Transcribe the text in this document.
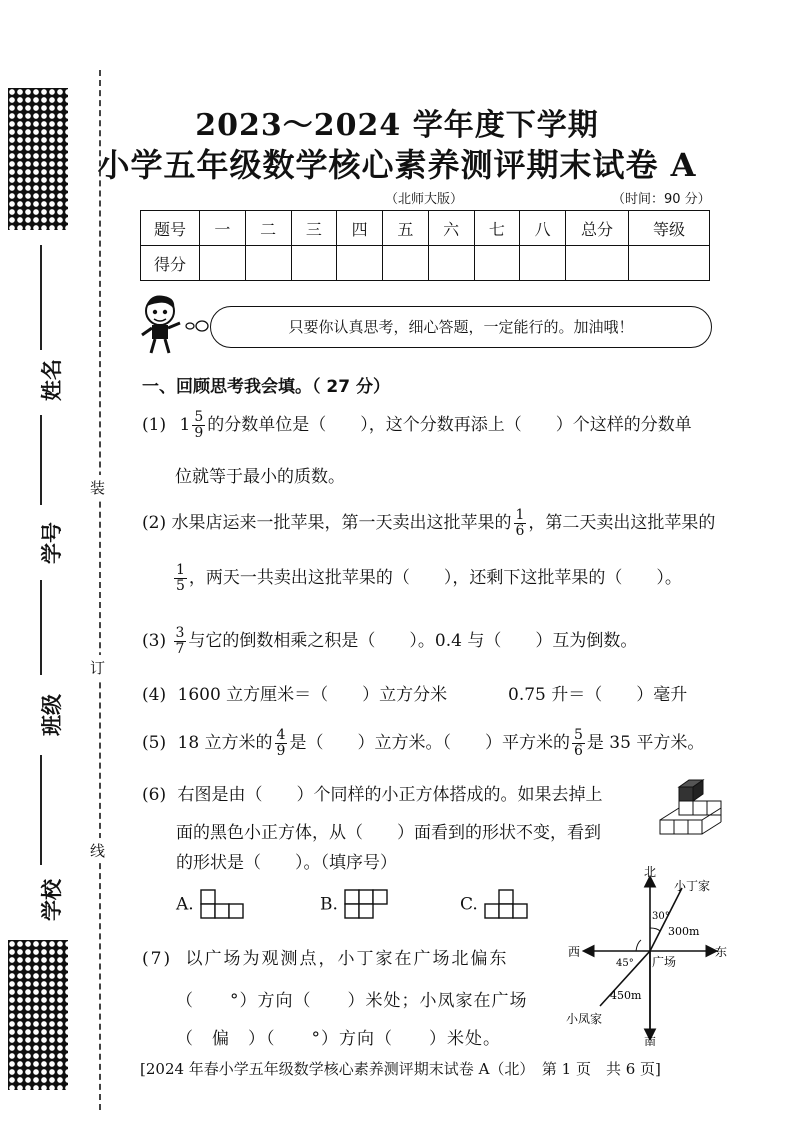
姓名
学号
班级
学校
装
订
线
2023～2024 学年度下学期
小学五年级数学核心素养测评期末试卷 A
（北师大版）	（时间：90 分）
题号	一	二	三	四	五	六	七	八	总分	等级
得分										
只要你认真思考，细心答题，一定能行的。加油哦！
一、回顾思考我会填。（ 27 分）
(1) $1 \frac{5}{9}$ 的分数单位是（　　），这个分数再添上（　　）个这样的分数单
位就等于最小的质数。
(2) 水果店运来一批苹果，第一天卖出这批苹果的 $\frac{1}{6}$ ，第二天卖出这批苹果的
$\frac{1}{5}$ ，两天一共卖出这批苹果的（　　），还剩下这批苹果的（　　）。
$(3) \frac{3}{7}$ 与它的倒数相乘之积是（　　）。0.4 与（　　）互为倒数。
(4) 1600 立方厘米＝（　　）立方分米	0.75 升＝（　　）毫升
(5) 18 立方米的 $\frac{4}{9}$ 是（　　）立方米。（　　）平方米的 $\frac{5}{6}$ 是 35 平方米。
(6) 右图是由（　　）个同样的小正方体搭成的。如果去掉上
面的黑色小正方体，从（　　）面看到的形状不变，看到
的形状是（　　）。（填序号）
A.	B.	C.
(7) 以广场为观测点，小丁家在广场北偏东
（　　°）方向（　　）米处；小凤家在广场
（　偏　）（　　°）方向（　　）米处。
北
南
东
西
广场
小丁家
小凤家
30°
45°
300m
450m
[2024 年春小学五年级数学核心素养测评期末试卷 A（北）　第 1 页　共 6 页]
